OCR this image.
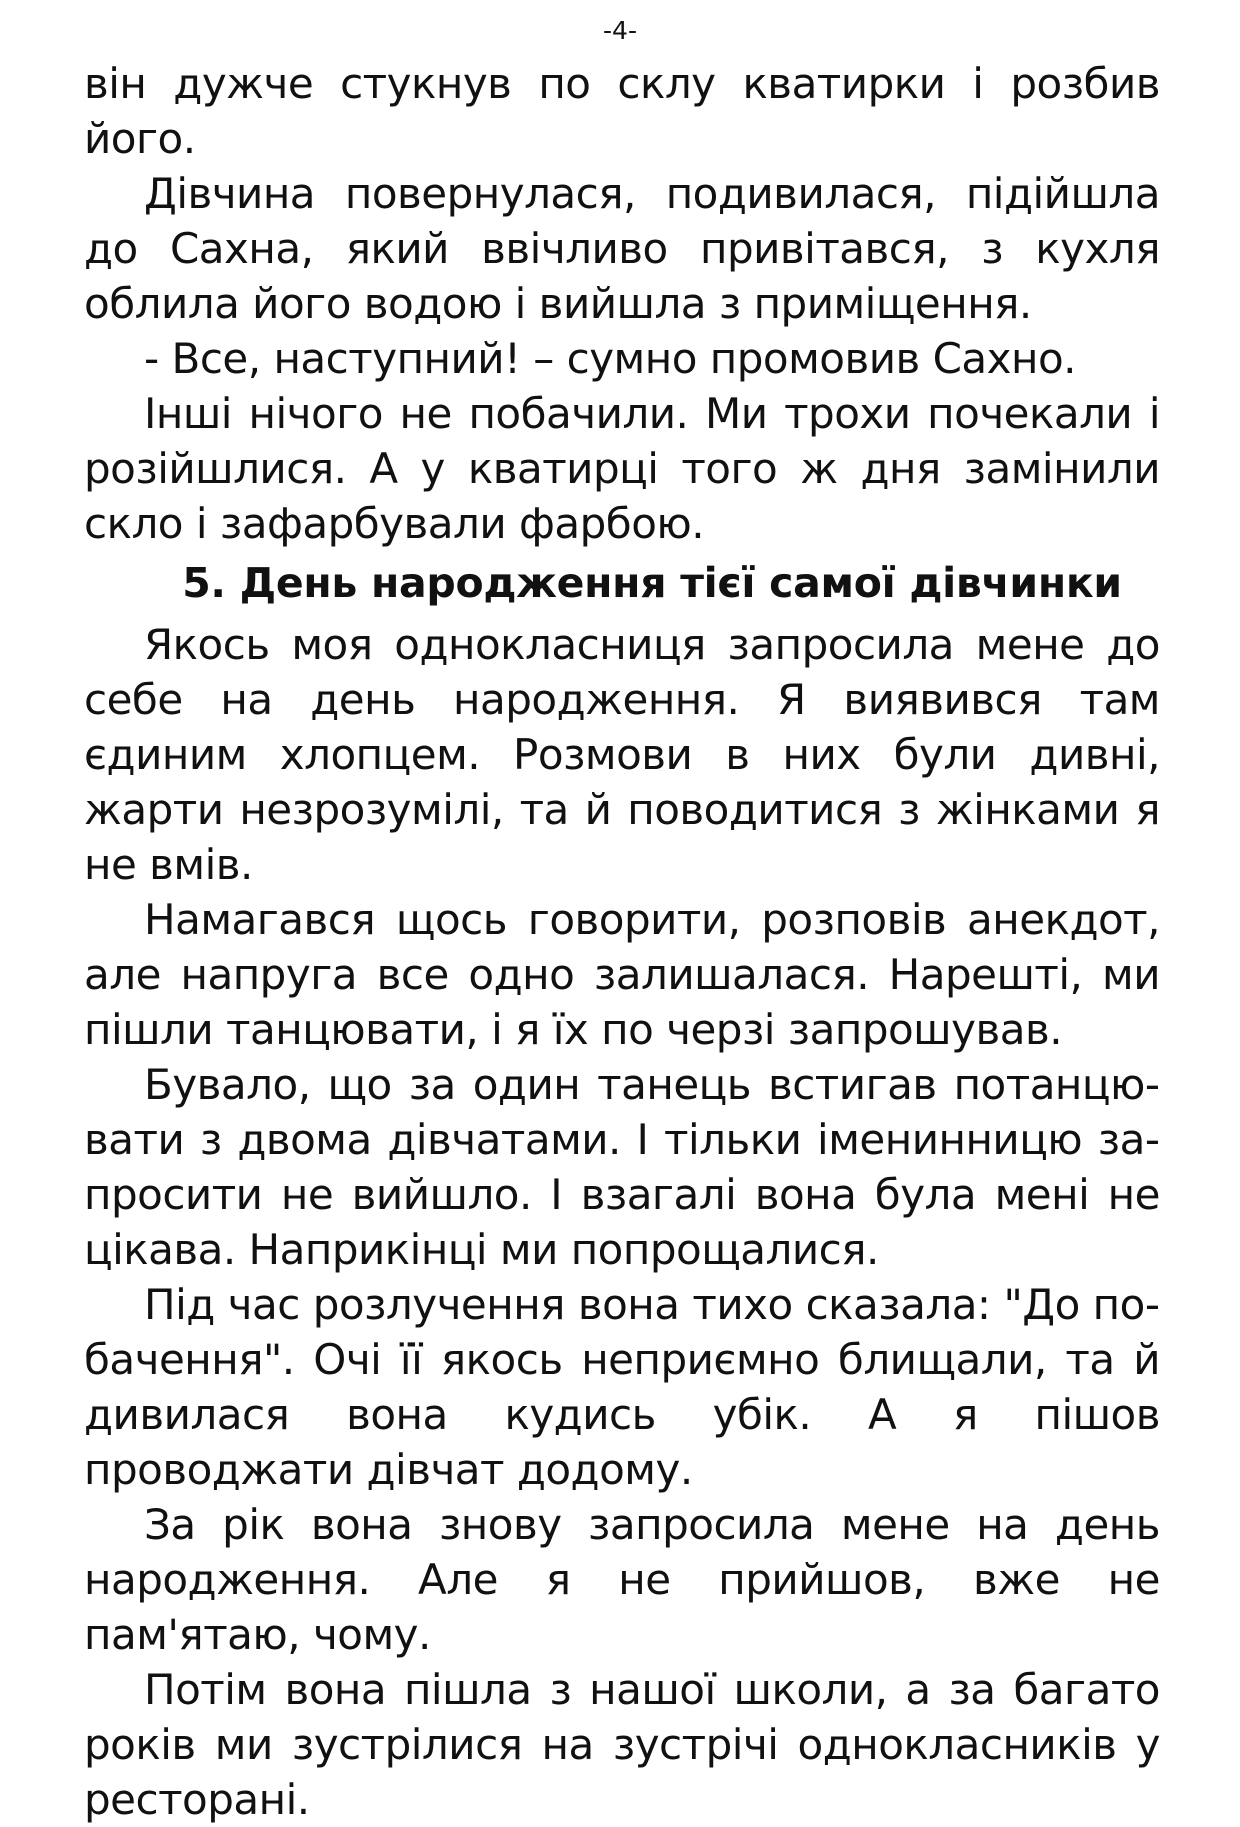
-4-

він дужче стукнув по склу кватирки і розбив його.

Дівчина повернулася, подивилася, підійшла до Сахна, який ввічливо привітався, з кухля облила його водою і вийшла з приміщення.

- Все, наступний! – сумно промовив Сахно.

Інші нічого не побачили. Ми трохи почекали і розійшлися. А у кватирці того ж дня замінили скло і зафарбували фарбою.

5. День народження тієї самої дівчинки

Якось моя однокласниця запросила мене до себе на день народження. Я виявився там єдиним хлопцем. Розмови в них були дивні, жарти незрозумілі, та й поводитися з жінками я не вмів.

Намагався щось говорити, розповів анекдот, але напруга все одно залишалася. Нарешті, ми пішли танцювати, і я їх по черзі запрошував.

Бувало, що за один танець встигав потанцювати з двома дівчатами. І тільки іменинницю запросити не вийшло. І взагалі вона була мені не цікава. Наприкінці ми попрощалися.

Під час розлучення вона тихо сказала: "До побачення". Очі її якось неприємно блищали, та й дивилася вона кудись убік. А я пішов проводжати дівчат додому.

За рік вона знову запросила мене на день народження. Але я не прийшов, вже не пам'ятаю, чому.

Потім вона пішла з нашої школи, а за багато років ми зустрілися на зустрічі однокласників у ресторані.
